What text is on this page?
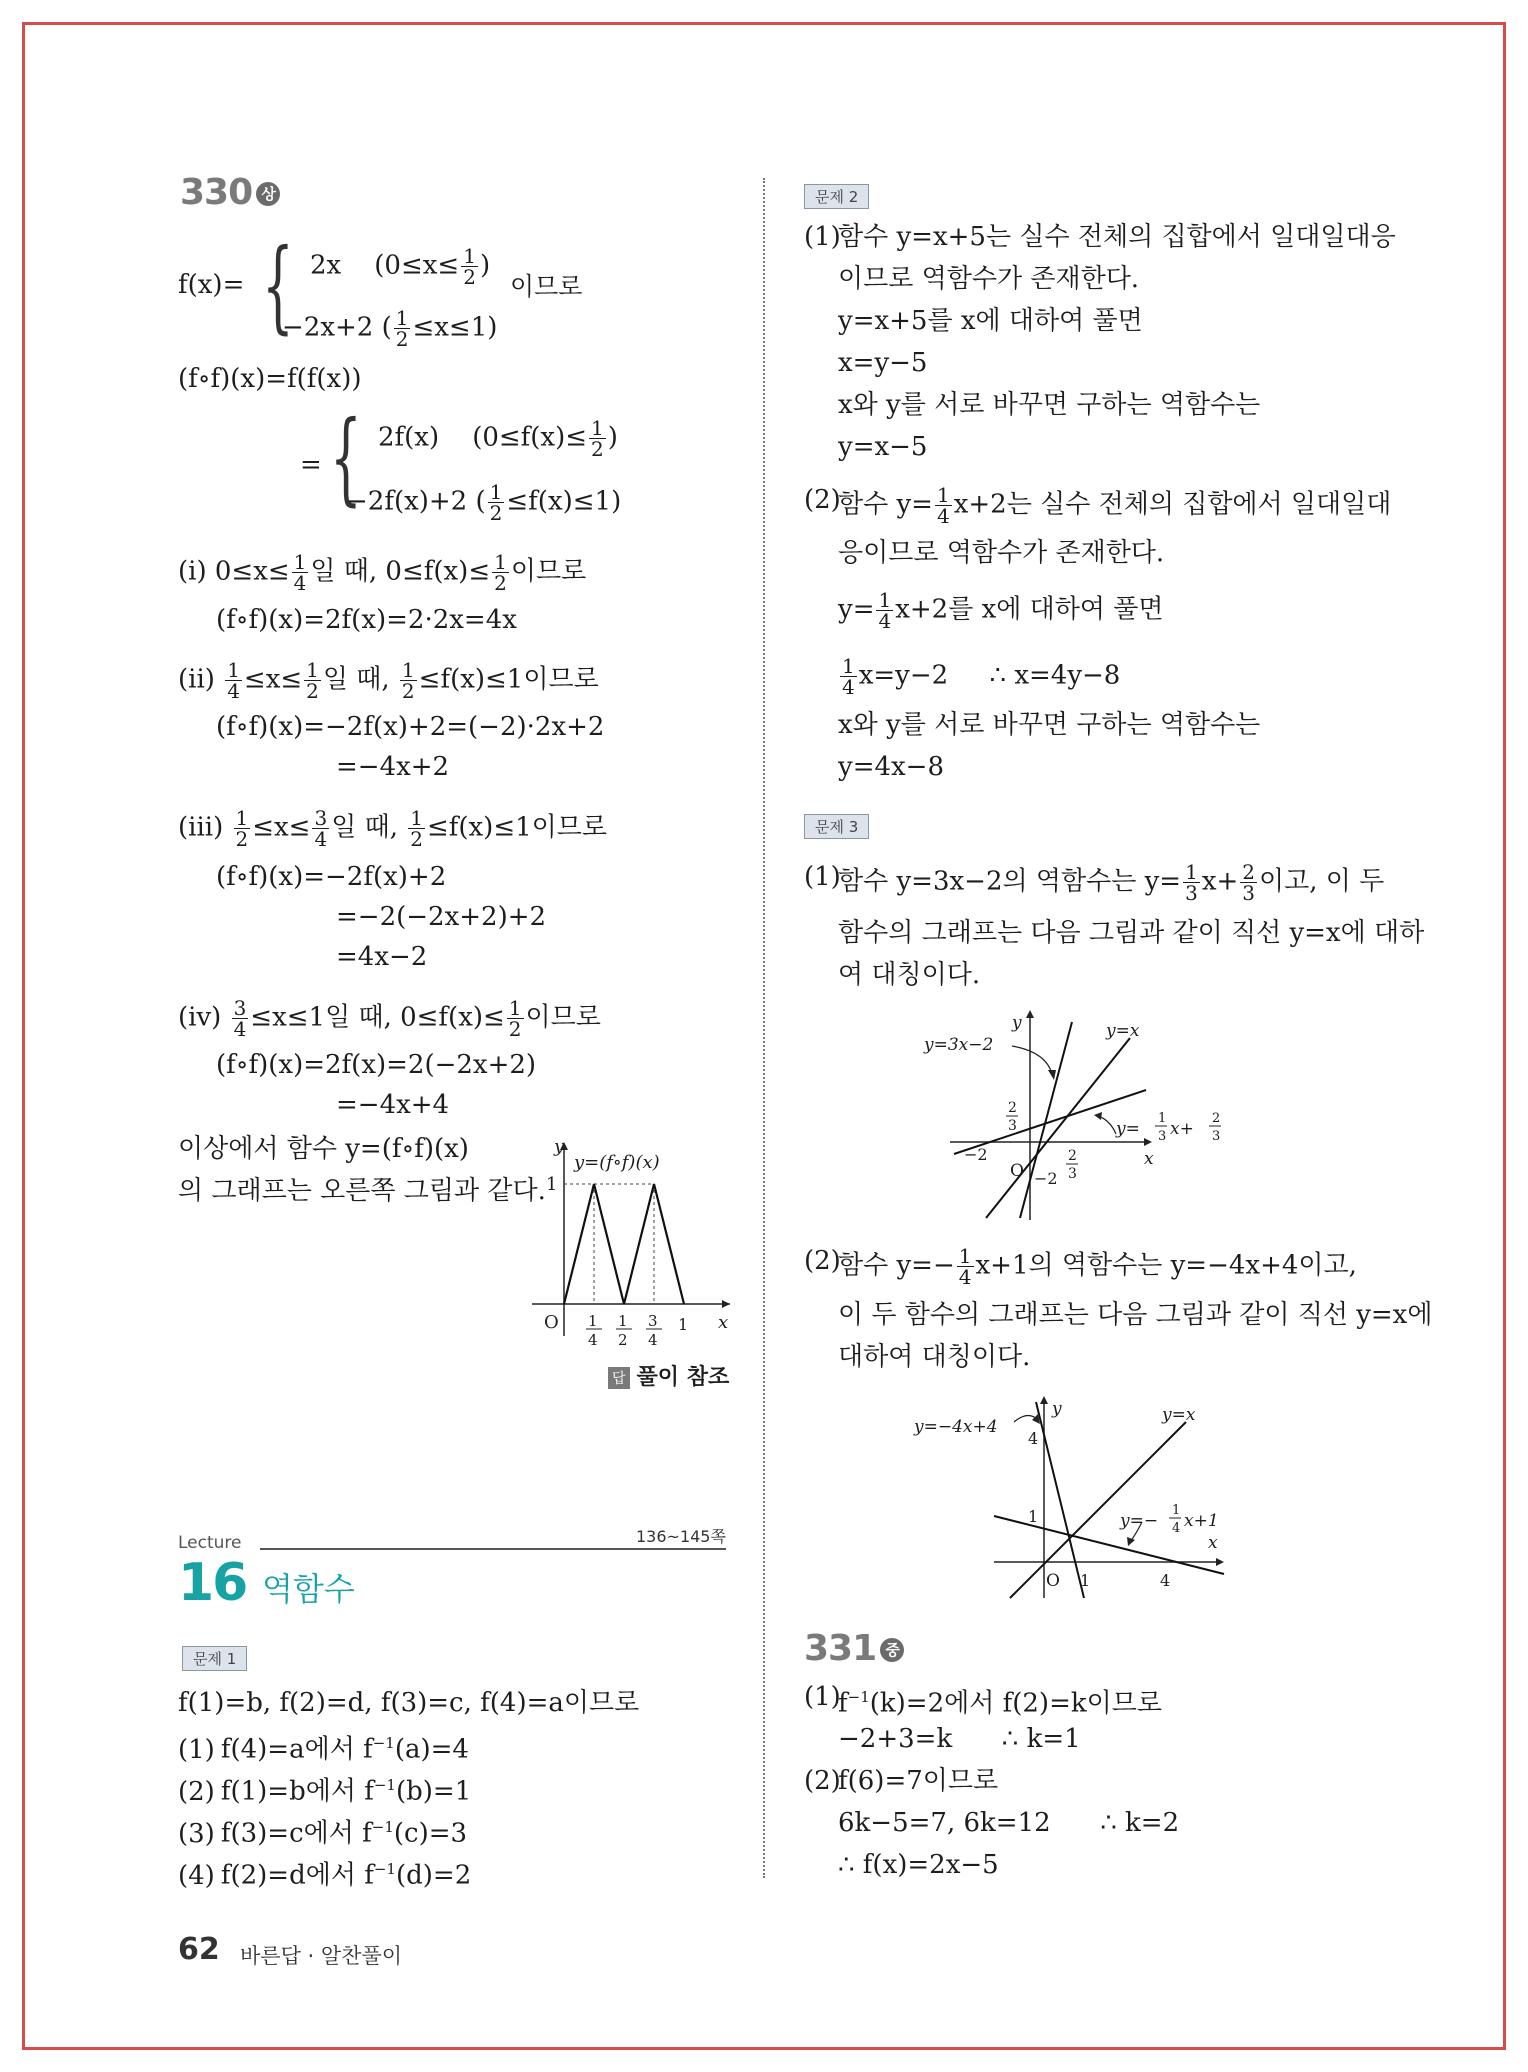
330 상
f(x)= { 2x ($0\le x\le \frac{1}{2}$ )
이므로
−2x+2 ( $\frac{1}{2} \le x\le 1$)
(f∘f)(x)=f(f(x))
= { 2f(x) ($0\le f(x)\le \frac{1}{2}$ )
−2f(x)+2 ( $\frac{1}{2} \le f(x)\le 1$)
(i) $0\le x\le \frac{1}{4}$ 일 때, $0\le f(x)\le \frac{1}{2}$ 이므로
(f∘f)(x)=2f(x)=2·2x=4x
$(ii) \frac{1}{4} \le x\le \frac{1}{2}$ 일 때, $\frac{1}{2} \le f(x)\le 1$이므로
(f∘f)(x)=−2f(x)+2=(−2)·2x+2
=−4x+2
$(iii) \frac{1}{2} \le x\le \frac{3}{4}$ 일 때, $\frac{1}{2} \le f(x)\le 1$이므로
(f∘f)(x)=−2f(x)+2
=−2(−2x+2)+2
=4x−2
$(iv) \frac{3}{4} \le x\le 1$일 때, $0\le f(x)\le \frac{1}{2}$ 이므로
(f∘f)(x)=2f(x)=2(−2x+2)
=−4x+4
이상에서 함수 y=(f∘f)(x)
의 그래프는 오른쪽 그림과 같다.
y
x
O
1
y=(f∘f)(x)
1
4
1
2
3
4
1
답 풀이 참조
Lecture
16 역함수
136~145쪽
문제 1
f(1)=b, f(2)=d, f(3)=c, f(4)=a이므로
(1) f(4)=a에서 $f^{-1}(a)=4$
(2) f(1)=b에서 $f^{-1}(b)=1$
(3) f(3)=c에서 $f^{-1}(c)=3$
(4) f(2)=d에서 $f^{-1}(d)=2$
문제 2
(1)
함수 y=x+5는 실수 전체의 집합에서 일대일대응
이므로 역함수가 존재한다.
y=x+5를 x에 대하여 풀면
x=y−5
x와 y를 서로 바꾸면 구하는 역함수는
y=x−5
(2)
함수 $y= \frac{1}{4} x+2$는 실수 전체의 집합에서 일대일대
응이므로 역함수가 존재한다.
$y= \frac{1}{4} x+2$를 x에 대하여 풀면
$\frac{1}{4} x=y-2$ ∴ x=4y−8
x와 y를 서로 바꾸면 구하는 역함수는
y=4x−8
문제 3
(1)
함수 y=3x−2의 역함수는 $y= \frac{1}{3} x+ \frac{2}{3}$ 이고, 이 두
함수의 그래프는 다음 그림과 같이 직선 y=x에 대하
여 대칭이다.
y=3x−2
y=x
y=
1
3 x+
2
3
y
x
O
−2
−2
2
3
2
3
(2)
함수 $y=- \frac{1}{4} x+1$의 역함수는 y=−4x+4이고,
이 두 함수의 그래프는 다음 그림과 같이 직선 y=x에
대하여 대칭이다.
y=−4x+4
y=x
y=−
1
4 x+1
y
x
O
4
1
1	4
331 중
(1)
$f^{-1}(k)=2$에서 f(2)=k이므로
−2+3=k ∴ k=1
(2)
f(6)=7이므로
6k−5=7, 6k=12 ∴ k=2
∴ f(x)=2x−5
62 바른답 · 알찬풀이
